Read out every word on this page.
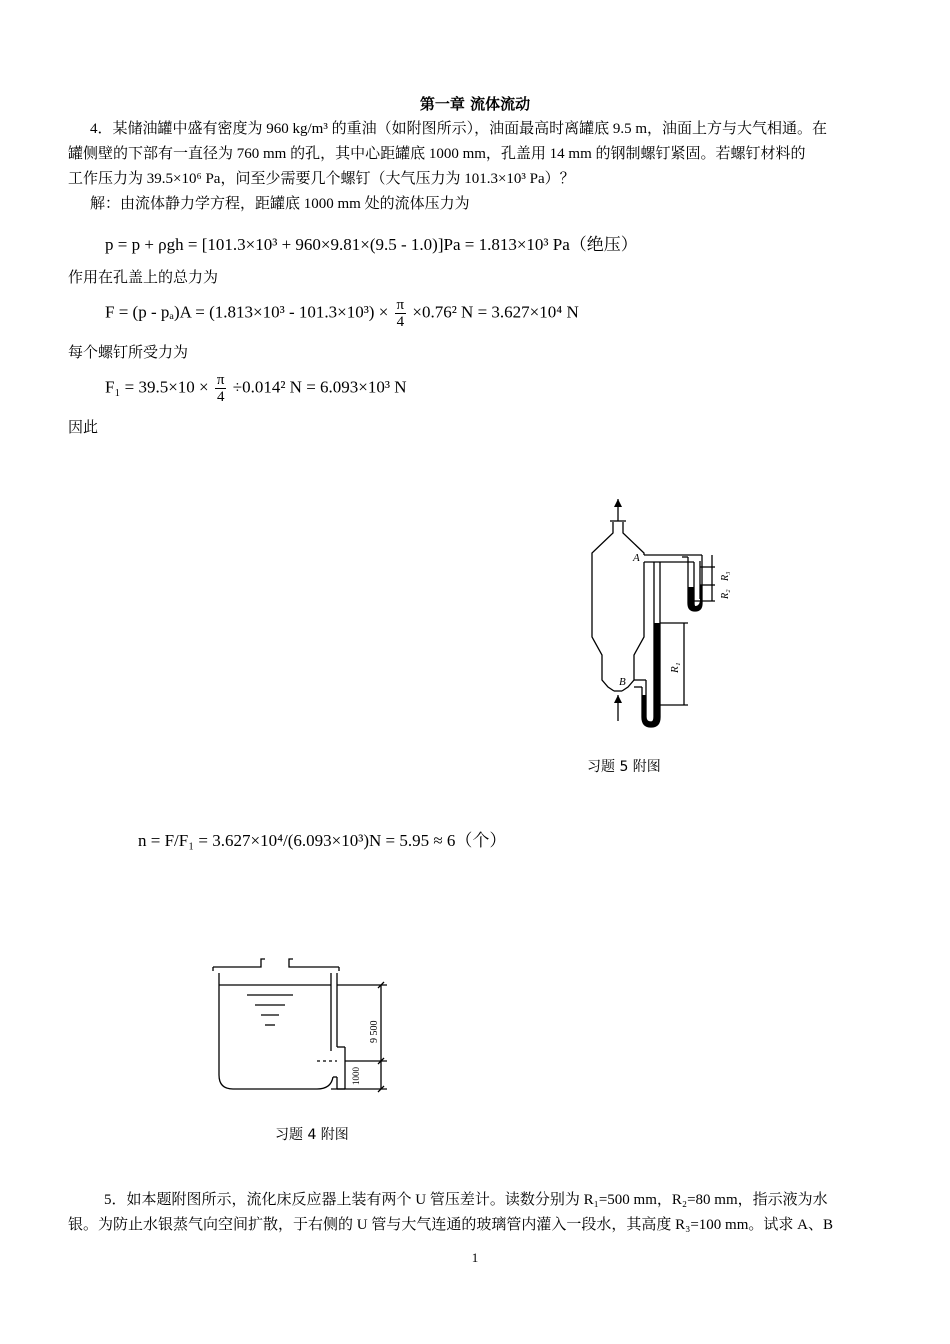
第一章 流体流动

4．某储油罐中盛有密度为 960 kg/m³ 的重油（如附图所示），油面最高时离罐底 9.5 m，油面上方与大气相通。在

罐侧壁的下部有一直径为 760 mm 的孔，其中心距罐底 1000 mm，孔盖用 14 mm 的钢制螺钉紧固。若螺钉材料的

工作压力为 39.5×10⁶ Pa，问至少需要几个螺钉（大气压力为 101.3×10³ Pa）？

解：由流体静力学方程，距罐底 1000 mm 处的流体压力为

p = p + ρgh = [101.3×10³ + 960×9.81×(9.5 - 1.0)]Pa = 1.813×10³ Pa（绝压）
作用在孔盖上的总力为
$F = (p - p_a)A = (1.813\times 10^3 - 101.3\times 10^3) \times \frac{\pi}{4} \times 0.76^2$ N = 3.627×10⁴ N
每个螺钉所受力为
$F_1 = 39.5\times 10 \times \frac{\pi}{4} \div 0.014^2$ N = 6.093×10³ N
因此
A
B
R₁
R₂
R₃
习题 5 附图
n = F/F₁ = 3.627×10⁴/(6.093×10³)N = 5.95 ≈ 6（个）
9 500
1000
习题 4 附图

5．如本题附图所示，流化床反应器上装有两个 U 管压差计。读数分别为 R₁=500 mm，R₂=80 mm，指示液为水

银。为防止水银蒸气向空间扩散，于右侧的 U 管与大气连通的玻璃管内灌入一段水，其高度 R₃=100 mm。试求 A、B

1
